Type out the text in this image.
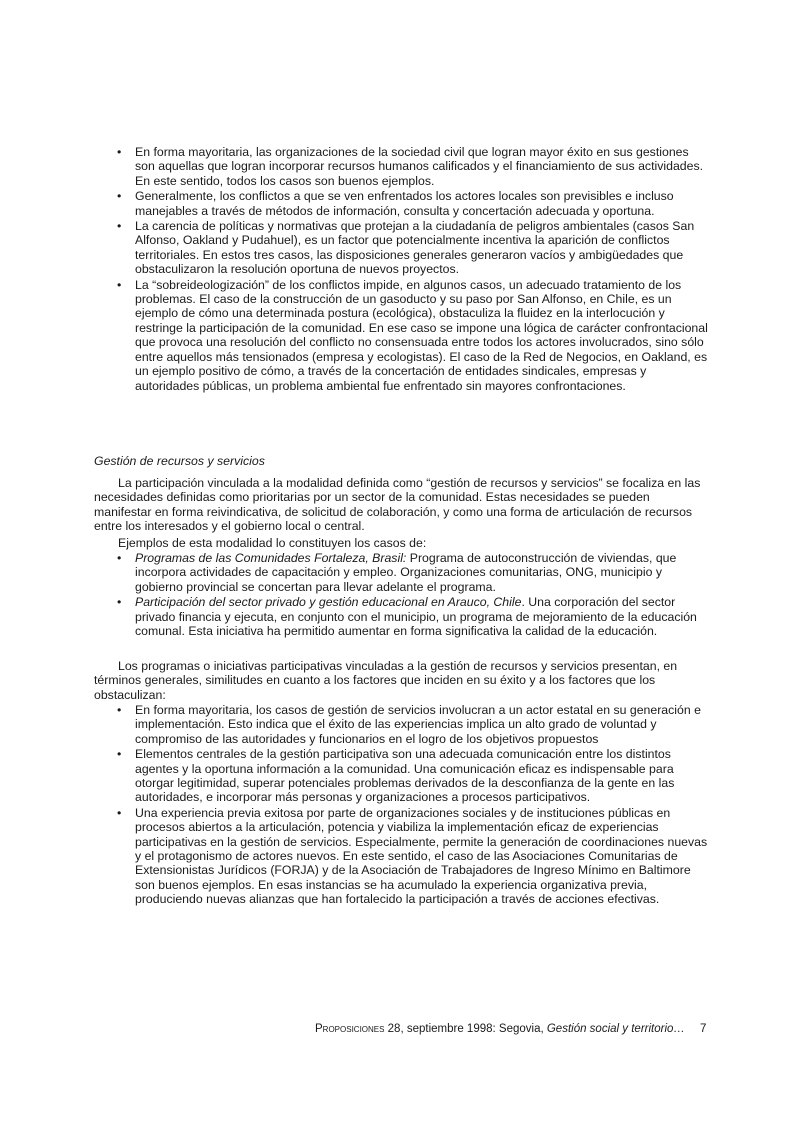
•	En forma mayoritaria, las organizaciones de la sociedad civil que logran mayor éxito en sus gestiones son aquellas que logran incorporar recursos humanos calificados y el financiamiento de sus actividades. En este sentido, todos los casos son buenos ejemplos.
•	Generalmente, los conflictos a que se ven enfrentados los actores locales son previsibles e incluso manejables a través de métodos de información, consulta y concertación adecuada y oportuna.
•	La carencia de políticas y normativas que protejan a la ciudadanía de peligros ambientales (casos San Alfonso, Oakland y Pudahuel), es un factor que potencialmente incentiva la aparición de conflictos territoriales. En estos tres casos, las disposiciones generales generaron vacíos y ambigüedades que obstaculizaron la resolución oportuna de nuevos proyectos.
•	La “sobreideologización” de los conflictos impide, en algunos casos, un adecuado tratamiento de los problemas. El caso de la construcción de un gasoducto y su paso por San Alfonso, en Chile, es un ejemplo de cómo una determinada postura (ecológica), obstaculiza la fluidez en la interlocución y restringe la participación de la comunidad. En ese caso se impone una lógica de carácter confrontacional que provoca una resolución del conflicto no consensuada entre todos los actores involucrados, sino sólo entre aquellos más tensionados (empresa y ecologistas). El caso de la Red de Negocios, en Oakland, es un ejemplo positivo de cómo, a través de la concertación de entidades sindicales, empresas y autoridades públicas, un problema ambiental fue enfrentado sin mayores confrontaciones.
Gestión de recursos y servicios

La participación vinculada a la modalidad definida como “gestión de recursos y servicios” se focaliza en las necesidades definidas como prioritarias por un sector de la comunidad. Estas necesidades se pueden manifestar en forma reivindicativa, de solicitud de colaboración, y como una forma de articulación de recursos entre los interesados y el gobierno local o central.

Ejemplos de esta modalidad lo constituyen los casos de:

•	Programas de las Comunidades Fortaleza, Brasil: Programa de autoconstrucción de viviendas, que incorpora actividades de capacitación y empleo. Organizaciones comunitarias, ONG, municipio y gobierno provincial se concertan para llevar adelante el programa.
•	Participación del sector privado y gestión educacional en Arauco, Chile. Una corporación del sector privado financia y ejecuta, en conjunto con el municipio, un programa de mejoramiento de la educación comunal. Esta iniciativa ha permitido aumentar en forma significativa la calidad de la educación.

Los programas o iniciativas participativas vinculadas a la gestión de recursos y servicios presentan, en términos generales, similitudes en cuanto a los factores que inciden en su éxito y a los factores que los obstaculizan:

•	En forma mayoritaria, los casos de gestión de servicios involucran a un actor estatal en su generación e implementación. Esto indica que el éxito de las experiencias implica un alto grado de voluntad y compromiso de las autoridades y funcionarios en el logro de los objetivos propuestos
•	Elementos centrales de la gestión participativa son una adecuada comunicación entre los distintos agentes y la oportuna información a la comunidad. Una comunicación eficaz es indispensable para otorgar legitimidad, superar potenciales problemas derivados de la desconfianza de la gente en las autoridades, e incorporar más personas y organizaciones a procesos participativos.
•	Una experiencia previa exitosa por parte de organizaciones sociales y de instituciones públicas en procesos abiertos a la articulación, potencia y viabiliza la implementación eficaz de experiencias participativas en la gestión de servicios. Especialmente, permite la generación de coordinaciones nuevas y el protagonismo de actores nuevos. En este sentido, el caso de las Asociaciones Comunitarias de Extensionistas Jurídicos (FORJA) y de la Asociación de Trabajadores de Ingreso Mínimo en Baltimore son buenos ejemplos. En esas instancias se ha acumulado la experiencia organizativa previa, produciendo nuevas alianzas que han fortalecido la participación a través de acciones efectivas.
Proposiciones 28, septiembre 1998: Segovia, Gestión social y territorio… 7
